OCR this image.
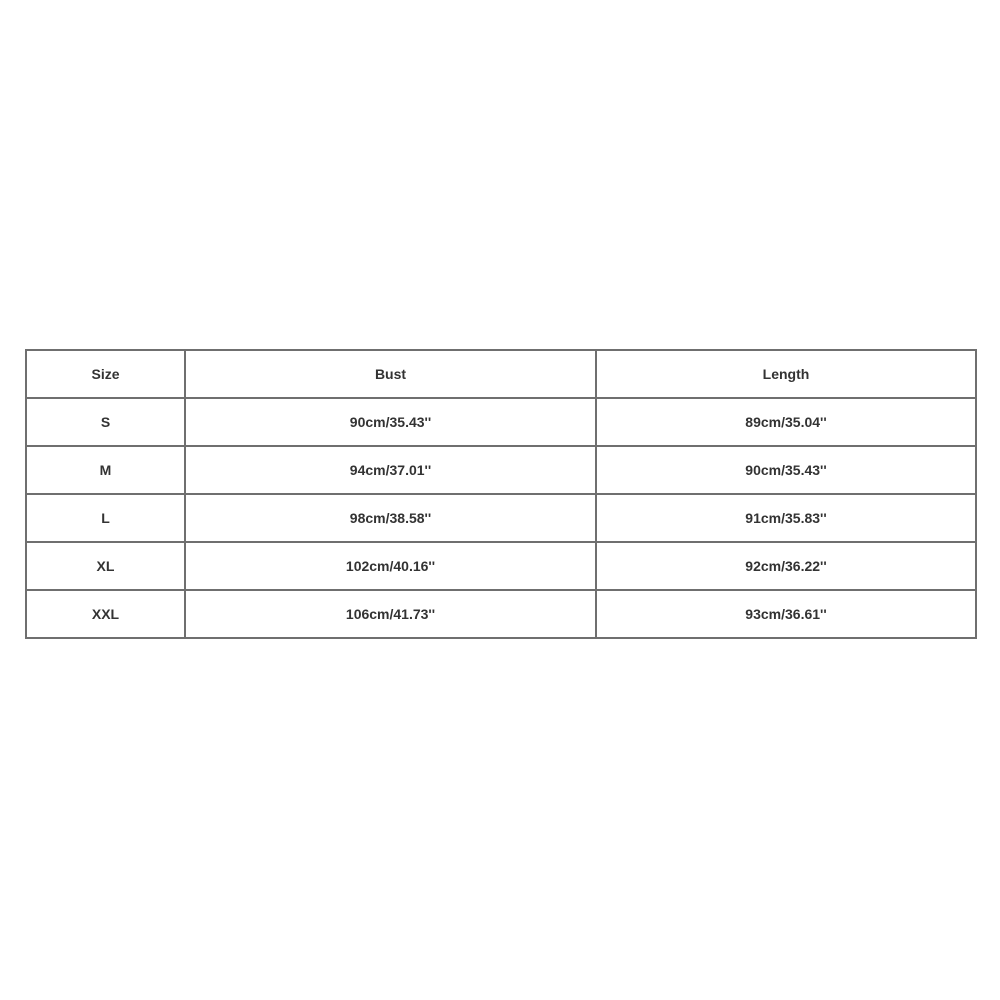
Size	Bust	Length
S	90cm/35.43''	89cm/35.04''
M	94cm/37.01''	90cm/35.43''
L	98cm/38.58''	91cm/35.83''
XL	102cm/40.16''	92cm/36.22''
XXL	106cm/41.73''	93cm/36.61''
